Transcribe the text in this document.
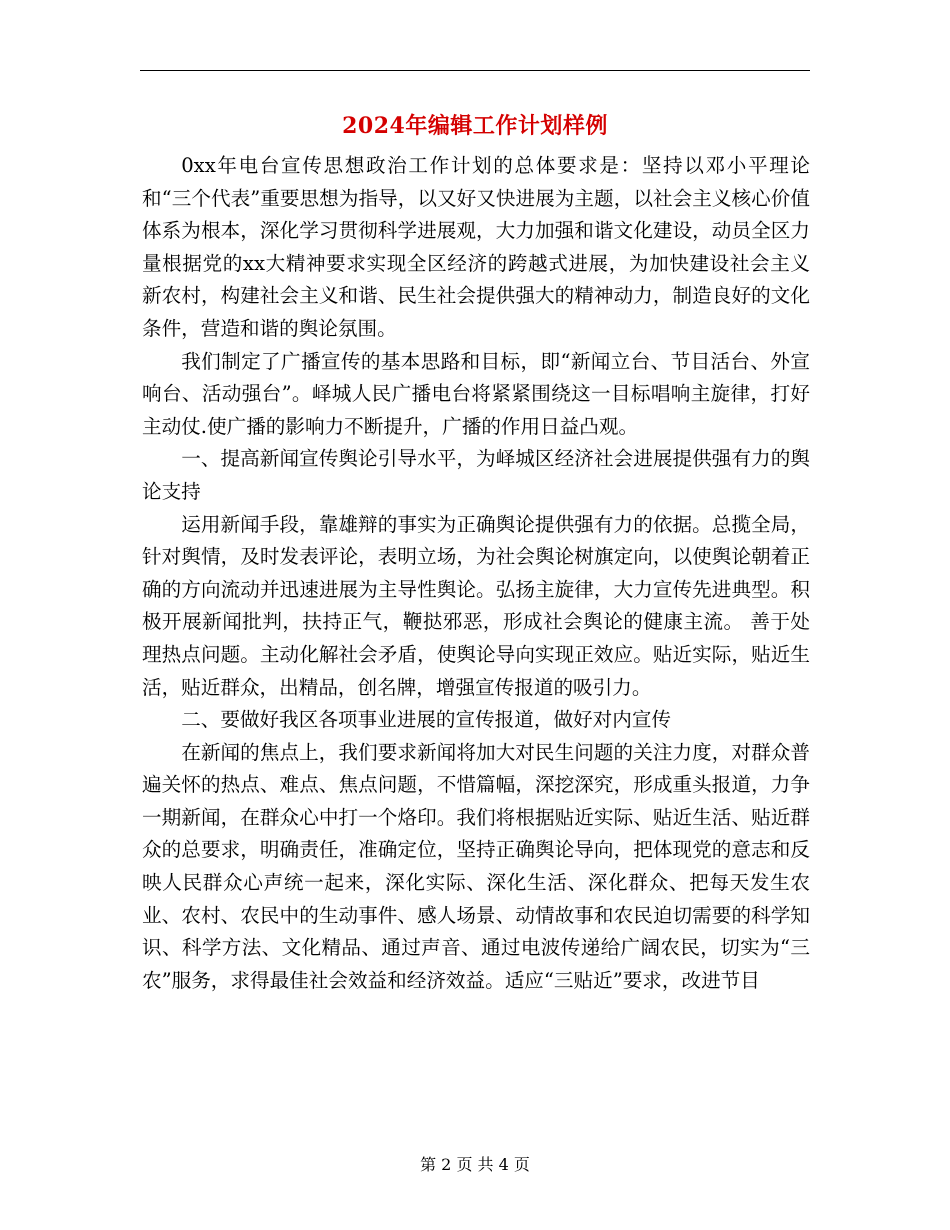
2024年编辑工作计划样例

0xx年电台宣传思想政治工作计划的总体要求是：坚持以邓小平理论和“三个代表”重要思想为指导，以又好又快进展为主题，以社会主义核心价值体系为根本，深化学习贯彻科学进展观，大力加强和谐文化建设，动员全区力量根据党的xx大精神要求实现全区经济的跨越式进展，为加快建设社会主义新农村，构建社会主义和谐、民生社会提供强大的精神动力，制造良好的文化条件，营造和谐的舆论氛围。

我们制定了广播宣传的基本思路和目标，即“新闻立台、节目活台、外宣响台、活动强台”。峄城人民广播电台将紧紧围绕这一目标唱响主旋律，打好主动仗.使广播的影响力不断提升，广播的作用日益凸观。

一、提高新闻宣传舆论引导水平，为峄城区经济社会进展提供强有力的舆论支持

运用新闻手段，靠雄辩的事实为正确舆论提供强有力的依据。总揽全局，针对舆情，及时发表评论，表明立场，为社会舆论树旗定向，以使舆论朝着正确的方向流动并迅速进展为主导性舆论。弘扬主旋律，大力宣传先进典型。积极开展新闻批判，扶持正气，鞭挞邪恶，形成社会舆论的健康主流。 善于处理热点问题。主动化解社会矛盾，使舆论导向实现正效应。贴近实际，贴近生活，贴近群众，出精品，创名牌，增强宣传报道的吸引力。

二、要做好我区各项事业进展的宣传报道，做好对内宣传

在新闻的焦点上，我们要求新闻将加大对民生问题的关注力度，对群众普遍关怀的热点、难点、焦点问题，不惜篇幅，深挖深究，形成重头报道，力争一期新闻，在群众心中打一个烙印。我们将根据贴近实际、贴近生活、贴近群众的总要求，明确责任，准确定位，坚持正确舆论导向，把体现党的意志和反映人民群众心声统一起来，深化实际、深化生活、深化群众、把每天发生农业、农村、农民中的生动事件、感人场景、动情故事和农民迫切需要的科学知识、科学方法、文化精品、通过声音、通过电波传递给广阔农民，切实为“三农”服务，求得最佳社会效益和经济效益。适应“三贴近”要求，改进节目

第 2 页 共 4 页
